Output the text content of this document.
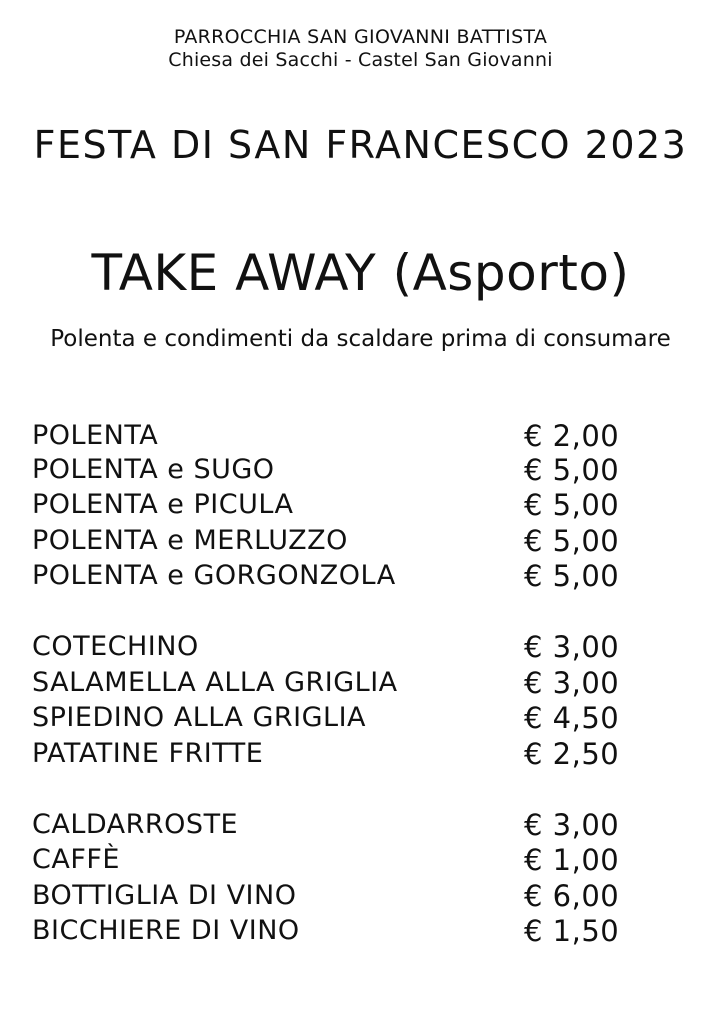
PARROCCHIA SAN GIOVANNI BATTISTA
Chiesa dei Sacchi - Castel San Giovanni
FESTA DI SAN FRANCESCO 2023
TAKE AWAY (Asporto)
Polenta e condimenti da scaldare prima di consumare
POLENTA	€ 2,00
POLENTA e SUGO	€ 5,00
POLENTA e PICULA	€ 5,00
POLENTA e MERLUZZO	€ 5,00
POLENTA e GORGONZOLA	€ 5,00
COTECHINO	€ 3,00
SALAMELLA ALLA GRIGLIA	€ 3,00
SPIEDINO ALLA GRIGLIA	€ 4,50
PATATINE FRITTE	€ 2,50
CALDARROSTE	€ 3,00
CAFFÈ	€ 1,00
BOTTIGLIA DI VINO	€ 6,00
BICCHIERE DI VINO	€ 1,50
